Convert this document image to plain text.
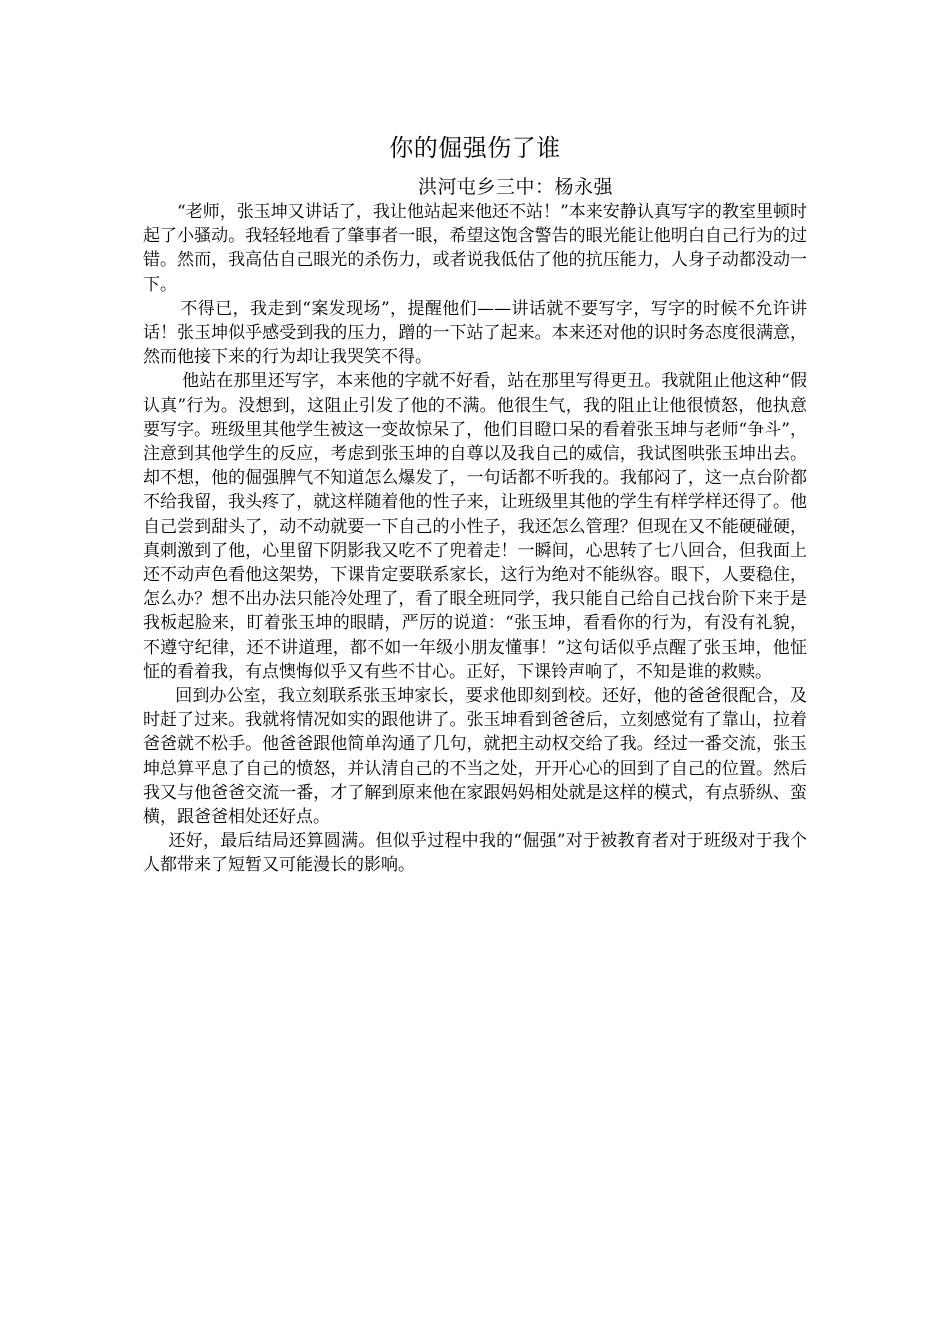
你的倔强伤了谁
洪河屯乡三中：杨永强

“老师，张玉坤又讲话了，我让他站起来他还不站！”本来安静认真写字的教室里顿时起了小骚动。我轻轻地看了肇事者一眼，希望这饱含警告的眼光能让他明白自己行为的过错。然而，我高估自己眼光的杀伤力，或者说我低估了他的抗压能力，人身子动都没动一下。

不得已，我走到“案发现场”，提醒他们——讲话就不要写字，写字的时候不允许讲话！张玉坤似乎感受到我的压力，蹭的一下站了起来。本来还对他的识时务态度很满意，然而他接下来的行为却让我哭笑不得。

他站在那里还写字，本来他的字就不好看，站在那里写得更丑。我就阻止他这种“假认真”行为。没想到，这阻止引发了他的不满。他很生气，我的阻止让他很愤怒，他执意要写字。班级里其他学生被这一变故惊呆了，他们目瞪口呆的看着张玉坤与老师“争斗”，注意到其他学生的反应，考虑到张玉坤的自尊以及我自己的威信，我试图哄张玉坤出去。却不想，他的倔强脾气不知道怎么爆发了，一句话都不听我的。我郁闷了，这一点台阶都不给我留，我头疼了，就这样随着他的性子来，让班级里其他的学生有样学样还得了。他自己尝到甜头了，动不动就要一下自己的小性子，我还怎么管理？但现在又不能硬碰硬，真刺激到了他，心里留下阴影我又吃不了兜着走！一瞬间，心思转了七八回合，但我面上还不动声色看他这架势，下课肯定要联系家长，这行为绝对不能纵容。眼下，人要稳住，怎么办？想不出办法只能冷处理了，看了眼全班同学，我只能自己给自己找台阶下来于是我板起脸来，盯着张玉坤的眼睛，严厉的说道：“张玉坤，看看你的行为，有没有礼貌，不遵守纪律，还不讲道理，都不如一年级小朋友懂事！”这句话似乎点醒了张玉坤，他怔怔的看着我，有点懊悔似乎又有些不甘心。正好，下课铃声响了，不知是谁的救赎。

回到办公室，我立刻联系张玉坤家长，要求他即刻到校。还好，他的爸爸很配合，及时赶了过来。我就将情况如实的跟他讲了。张玉坤看到爸爸后，立刻感觉有了靠山，拉着爸爸就不松手。他爸爸跟他简单沟通了几句，就把主动权交给了我。经过一番交流，张玉坤总算平息了自己的愤怒，并认清自己的不当之处，开开心心的回到了自己的位置。然后我又与他爸爸交流一番，才了解到原来他在家跟妈妈相处就是这样的模式，有点骄纵、蛮横，跟爸爸相处还好点。

还好，最后结局还算圆满。但似乎过程中我的“倔强”对于被教育者对于班级对于我个人都带来了短暂又可能漫长的影响。
